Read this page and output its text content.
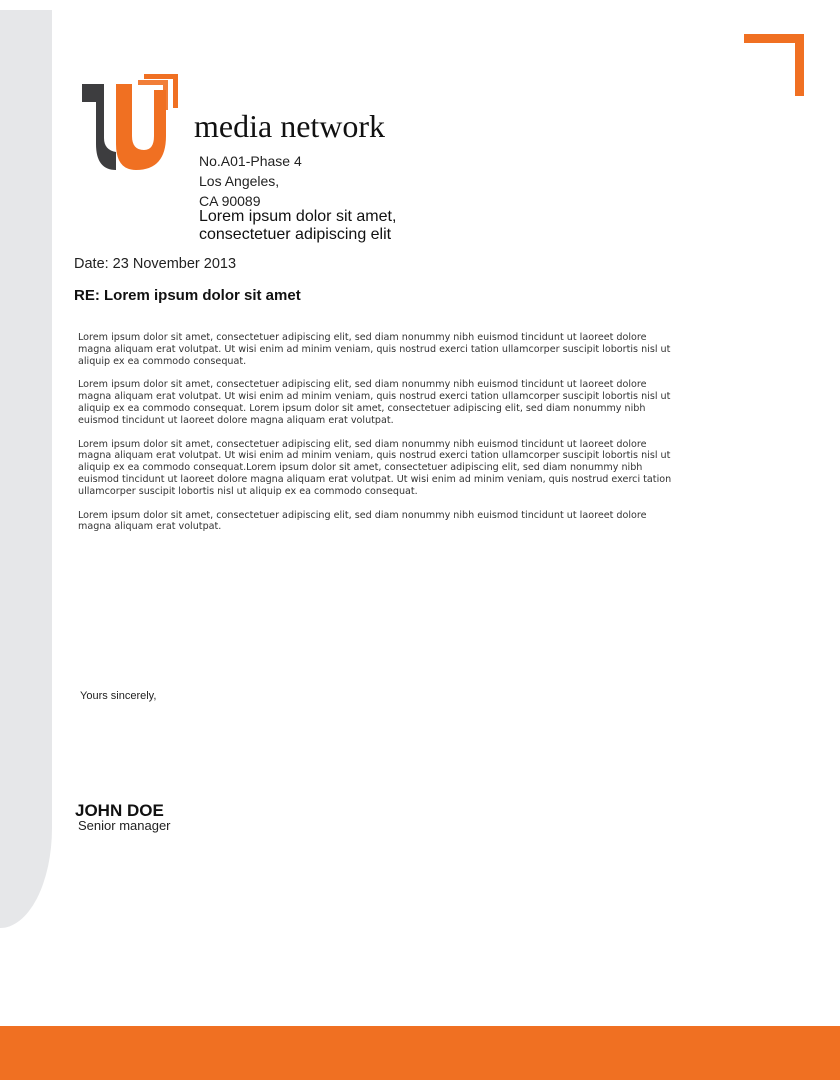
media network
No.A01-Phase 4
Los Angeles,
CA 90089
Lorem ipsum dolor sit amet,
consectetuer adipiscing elit
Date: 23 November 2013
RE: Lorem ipsum dolor sit amet

Lorem ipsum dolor sit amet, consectetuer adipiscing elit, sed diam nonummy nibh euismod tincidunt ut laoreet dolore magna aliquam erat volutpat. Ut wisi enim ad minim veniam, quis nostrud exerci tation ullamcorper suscipit lobortis nisl ut aliquip ex ea commodo consequat.

Lorem ipsum dolor sit amet, consectetuer adipiscing elit, sed diam nonummy nibh euismod tincidunt ut laoreet dolore magna aliquam erat volutpat. Ut wisi enim ad minim veniam, quis nostrud exerci tation ullamcorper suscipit lobortis nisl ut aliquip ex ea commodo consequat. Lorem ipsum dolor sit amet, consectetuer adipiscing elit, sed diam nonummy nibh euismod tincidunt ut laoreet dolore magna aliquam erat volutpat.

Lorem ipsum dolor sit amet, consectetuer adipiscing elit, sed diam nonummy nibh euismod tincidunt ut laoreet dolore magna aliquam erat volutpat. Ut wisi enim ad minim veniam, quis nostrud exerci tation ullamcorper suscipit lobortis nisl ut aliquip ex ea commodo consequat.Lorem ipsum dolor sit amet, consectetuer adipiscing elit, sed diam nonummy nibh euismod tincidunt ut laoreet dolore magna aliquam erat volutpat. Ut wisi enim ad minim veniam, quis nostrud exerci tation ullamcorper suscipit lobortis nisl ut aliquip ex ea commodo consequat.

Lorem ipsum dolor sit amet, consectetuer adipiscing elit, sed diam nonummy nibh euismod tincidunt ut laoreet dolore magna aliquam erat volutpat.

Yours sincerely,
JOHN DOE
Senior manager
